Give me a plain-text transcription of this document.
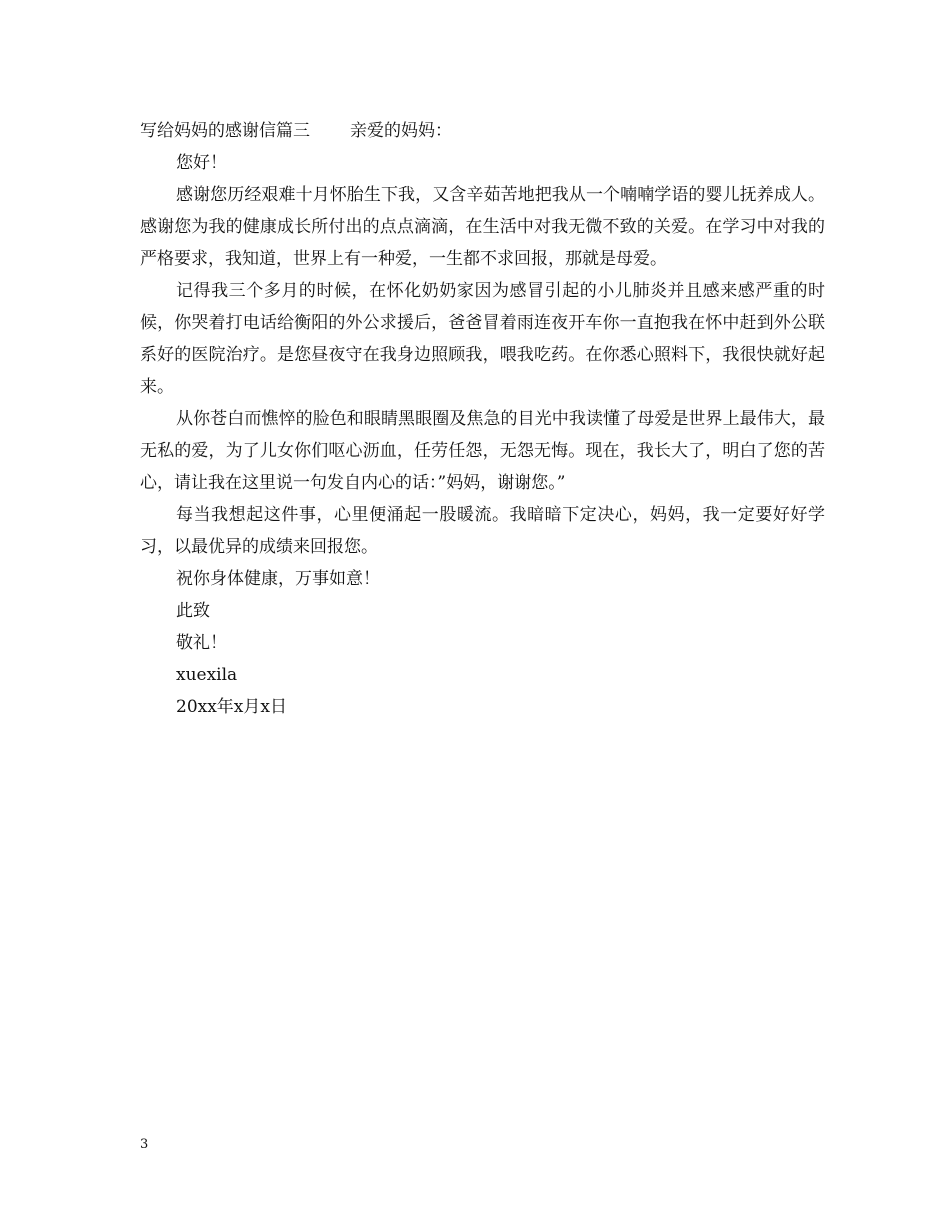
写给妈妈的感谢信篇三 亲爱的妈妈：
您好！
感谢您历经艰难十月怀胎生下我，又含辛茹苦地把我从一个喃喃学语的婴儿抚养成人。感谢您为我的健康成长所付出的点点滴滴，在生活中对我无微不致的关爱。在学习中对我的严格要求，我知道，世界上有一种爱，一生都不求回报，那就是母爱。
记得我三个多月的时候，在怀化奶奶家因为感冒引起的小儿肺炎并且感来感严重的时候，你哭着打电话给衡阳的外公求援后，爸爸冒着雨连夜开车你一直抱我在怀中赶到外公联系好的医院治疗。是您昼夜守在我身边照顾我，喂我吃药。在你悉心照料下，我很快就好起来。
从你苍白而憔悴的脸色和眼睛黑眼圈及焦急的目光中我读懂了母爱是世界上最伟大，最无私的爱，为了儿女你们呕心沥血，任劳任怨，无怨无悔。现在，我长大了，明白了您的苦心，请让我在这里说一句发自内心的话：”妈妈，谢谢您。”
每当我想起这件事，心里便涌起一股暖流。我暗暗下定决心，妈妈，我一定要好好学习，以最优异的成绩来回报您。
祝你身体健康，万事如意！
此致
敬礼！
xuexila
20xx年x月x日
3
